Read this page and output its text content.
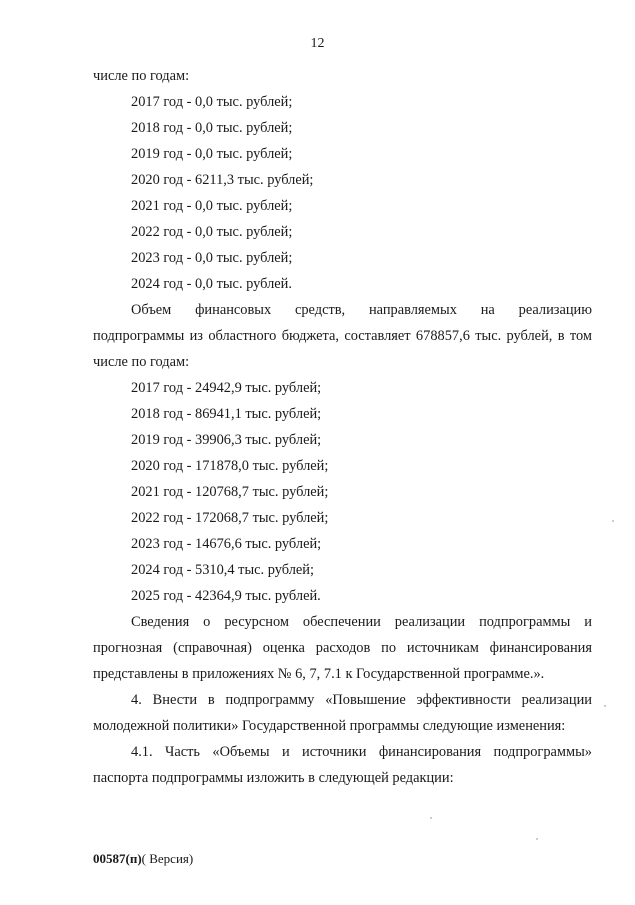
12
числе по годам:
2017 год - 0,0 тыс. рублей;
2018 год - 0,0 тыс. рублей;
2019 год - 0,0 тыс. рублей;
2020 год - 6211,3 тыс. рублей;
2021 год - 0,0 тыс. рублей;
2022 год - 0,0 тыс. рублей;
2023 год - 0,0 тыс. рублей;
2024 год - 0,0 тыс. рублей.
Объем финансовых средств, направляемых на реализацию
подпрограммы из областного бюджета, составляет 678857,6 тыс. рублей, в том
числе по годам:
2017 год - 24942,9 тыс. рублей;
2018 год - 86941,1 тыс. рублей;
2019 год - 39906,3 тыс. рублей;
2020 год - 171878,0 тыс. рублей;
2021 год - 120768,7 тыс. рублей;
2022 год - 172068,7 тыс. рублей;
2023 год - 14676,6 тыс. рублей;
2024 год - 5310,4 тыс. рублей;
2025 год - 42364,9 тыс. рублей.
Сведения о ресурсном обеспечении реализации подпрограммы и
прогнозная (справочная) оценка расходов по источникам финансирования
представлены в приложениях № 6, 7, 7.1 к Государственной программе.».
4. Внести в подпрограмму «Повышение эффективности реализации
молодежной политики» Государственной программы следующие изменения:
4.1. Часть «Объемы и источники финансирования подпрограммы»
паспорта подпрограммы изложить в следующей редакции:
00587(п)( Версия)
